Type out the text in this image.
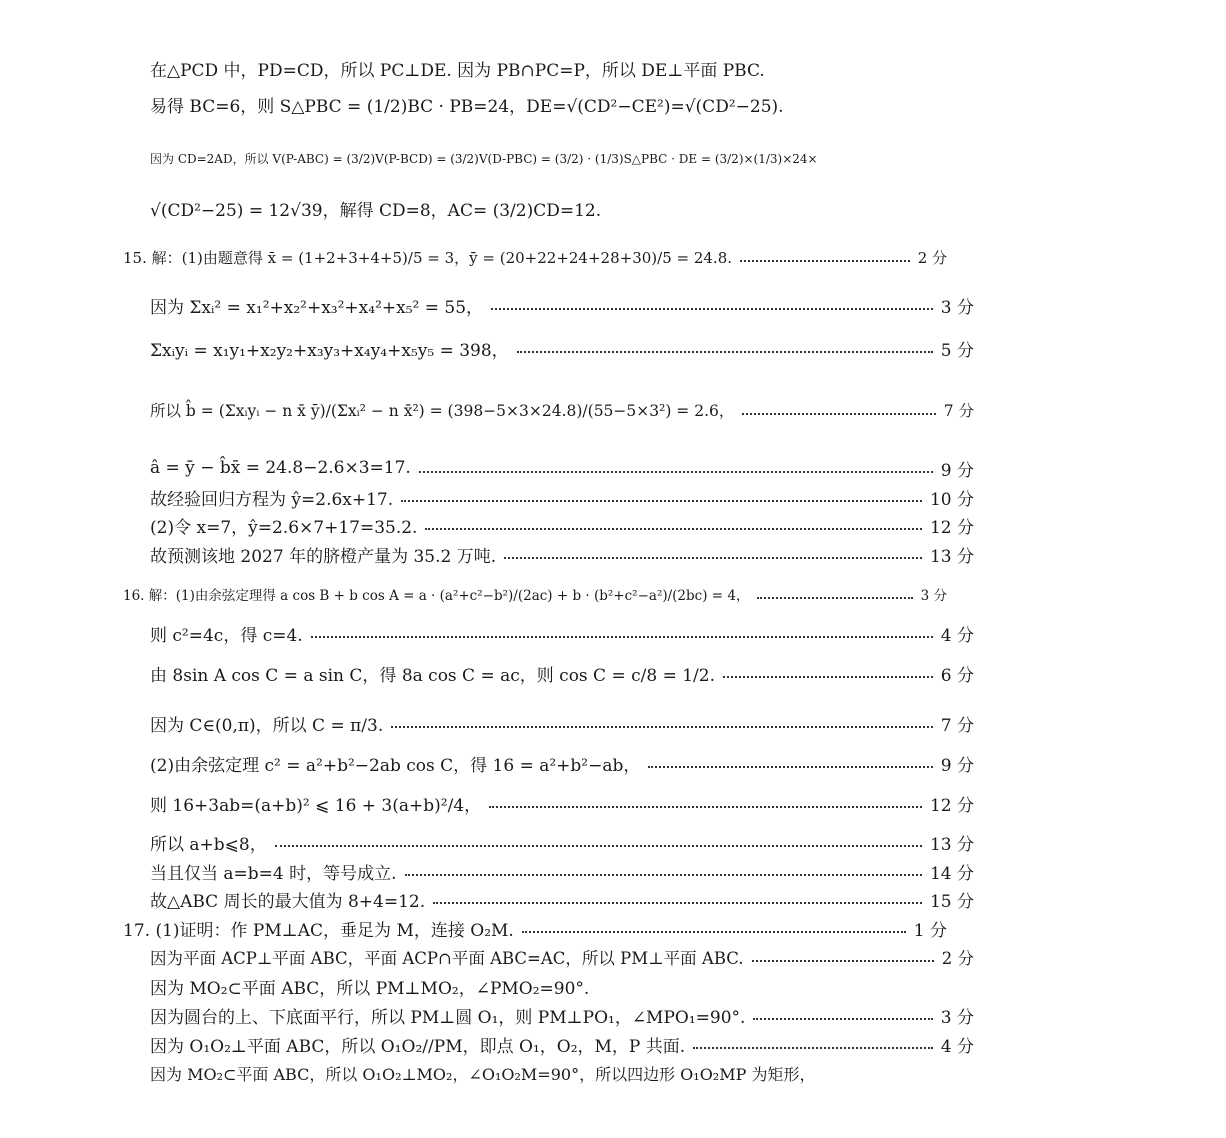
在△PCD 中，PD=CD，所以 PC⊥DE. 因为 PB∩PC=P，所以 DE⊥平面 PBC.
易得 BC=6，则 S△PBC = (1/2)BC · PB=24，DE=√(CD²−CE²)=√(CD²−25).
因为 CD=2AD，所以 V(P-ABC) = (3/2)V(P-BCD) = (3/2)V(D-PBC) = (3/2) · (1/3)S△PBC · DE = (3/2)×(1/3)×24×
√(CD²−25) = 12√39，解得 CD=8，AC= (3/2)CD=12.
15. 解：(1)由题意得 x̄ = (1+2+3+4+5)/5 = 3，ȳ = (20+22+24+28+30)/5 = 24.8.	2 分
因为 Σxᵢ² = x₁²+x₂²+x₃²+x₄²+x₅² = 55，	3 分
Σxᵢyᵢ = x₁y₁+x₂y₂+x₃y₃+x₄y₄+x₅y₅ = 398，	5 分
所以 b̂ = (Σxᵢyᵢ − n x̄ ȳ)/(Σxᵢ² − n x̄²) = (398−5×3×24.8)/(55−5×3²) = 2.6，	7 分
â = ȳ − b̂x̄ = 24.8−2.6×3=17.	9 分
故经验回归方程为 ŷ=2.6x+17.	10 分
(2)令 x=7，ŷ=2.6×7+17=35.2.	12 分
故预测该地 2027 年的脐橙产量为 35.2 万吨.	13 分
16. 解：(1)由余弦定理得 a cos B + b cos A = a · (a²+c²−b²)/(2ac) + b · (b²+c²−a²)/(2bc) = 4，	3 分
则 c²=4c，得 c=4.	4 分
由 8sin A cos C = a sin C，得 8a cos C = ac，则 cos C = c/8 = 1/2.	6 分
因为 C∈(0,π)，所以 C = π/3.	7 分
(2)由余弦定理 c² = a²+b²−2ab cos C，得 16 = a²+b²−ab，	9 分
则 16+3ab=(a+b)² ⩽ 16 + 3(a+b)²/4，	12 分
所以 a+b⩽8，	13 分
当且仅当 a=b=4 时，等号成立.	14 分
故△ABC 周长的最大值为 8+4=12.	15 分
17. (1)证明：作 PM⊥AC，垂足为 M，连接 O₂M.	1 分
因为平面 ACP⊥平面 ABC，平面 ACP∩平面 ABC=AC，所以 PM⊥平面 ABC.	2 分
因为 MO₂⊂平面 ABC，所以 PM⊥MO₂，∠PMO₂=90°.
因为圆台的上、下底面平行，所以 PM⊥圆 O₁，则 PM⊥PO₁，∠MPO₁=90°.	3 分
因为 O₁O₂⊥平面 ABC，所以 O₁O₂//PM，即点 O₁，O₂，M，P 共面.	4 分
因为 MO₂⊂平面 ABC，所以 O₁O₂⊥MO₂，∠O₁O₂M=90°，所以四边形 O₁O₂MP 为矩形，
